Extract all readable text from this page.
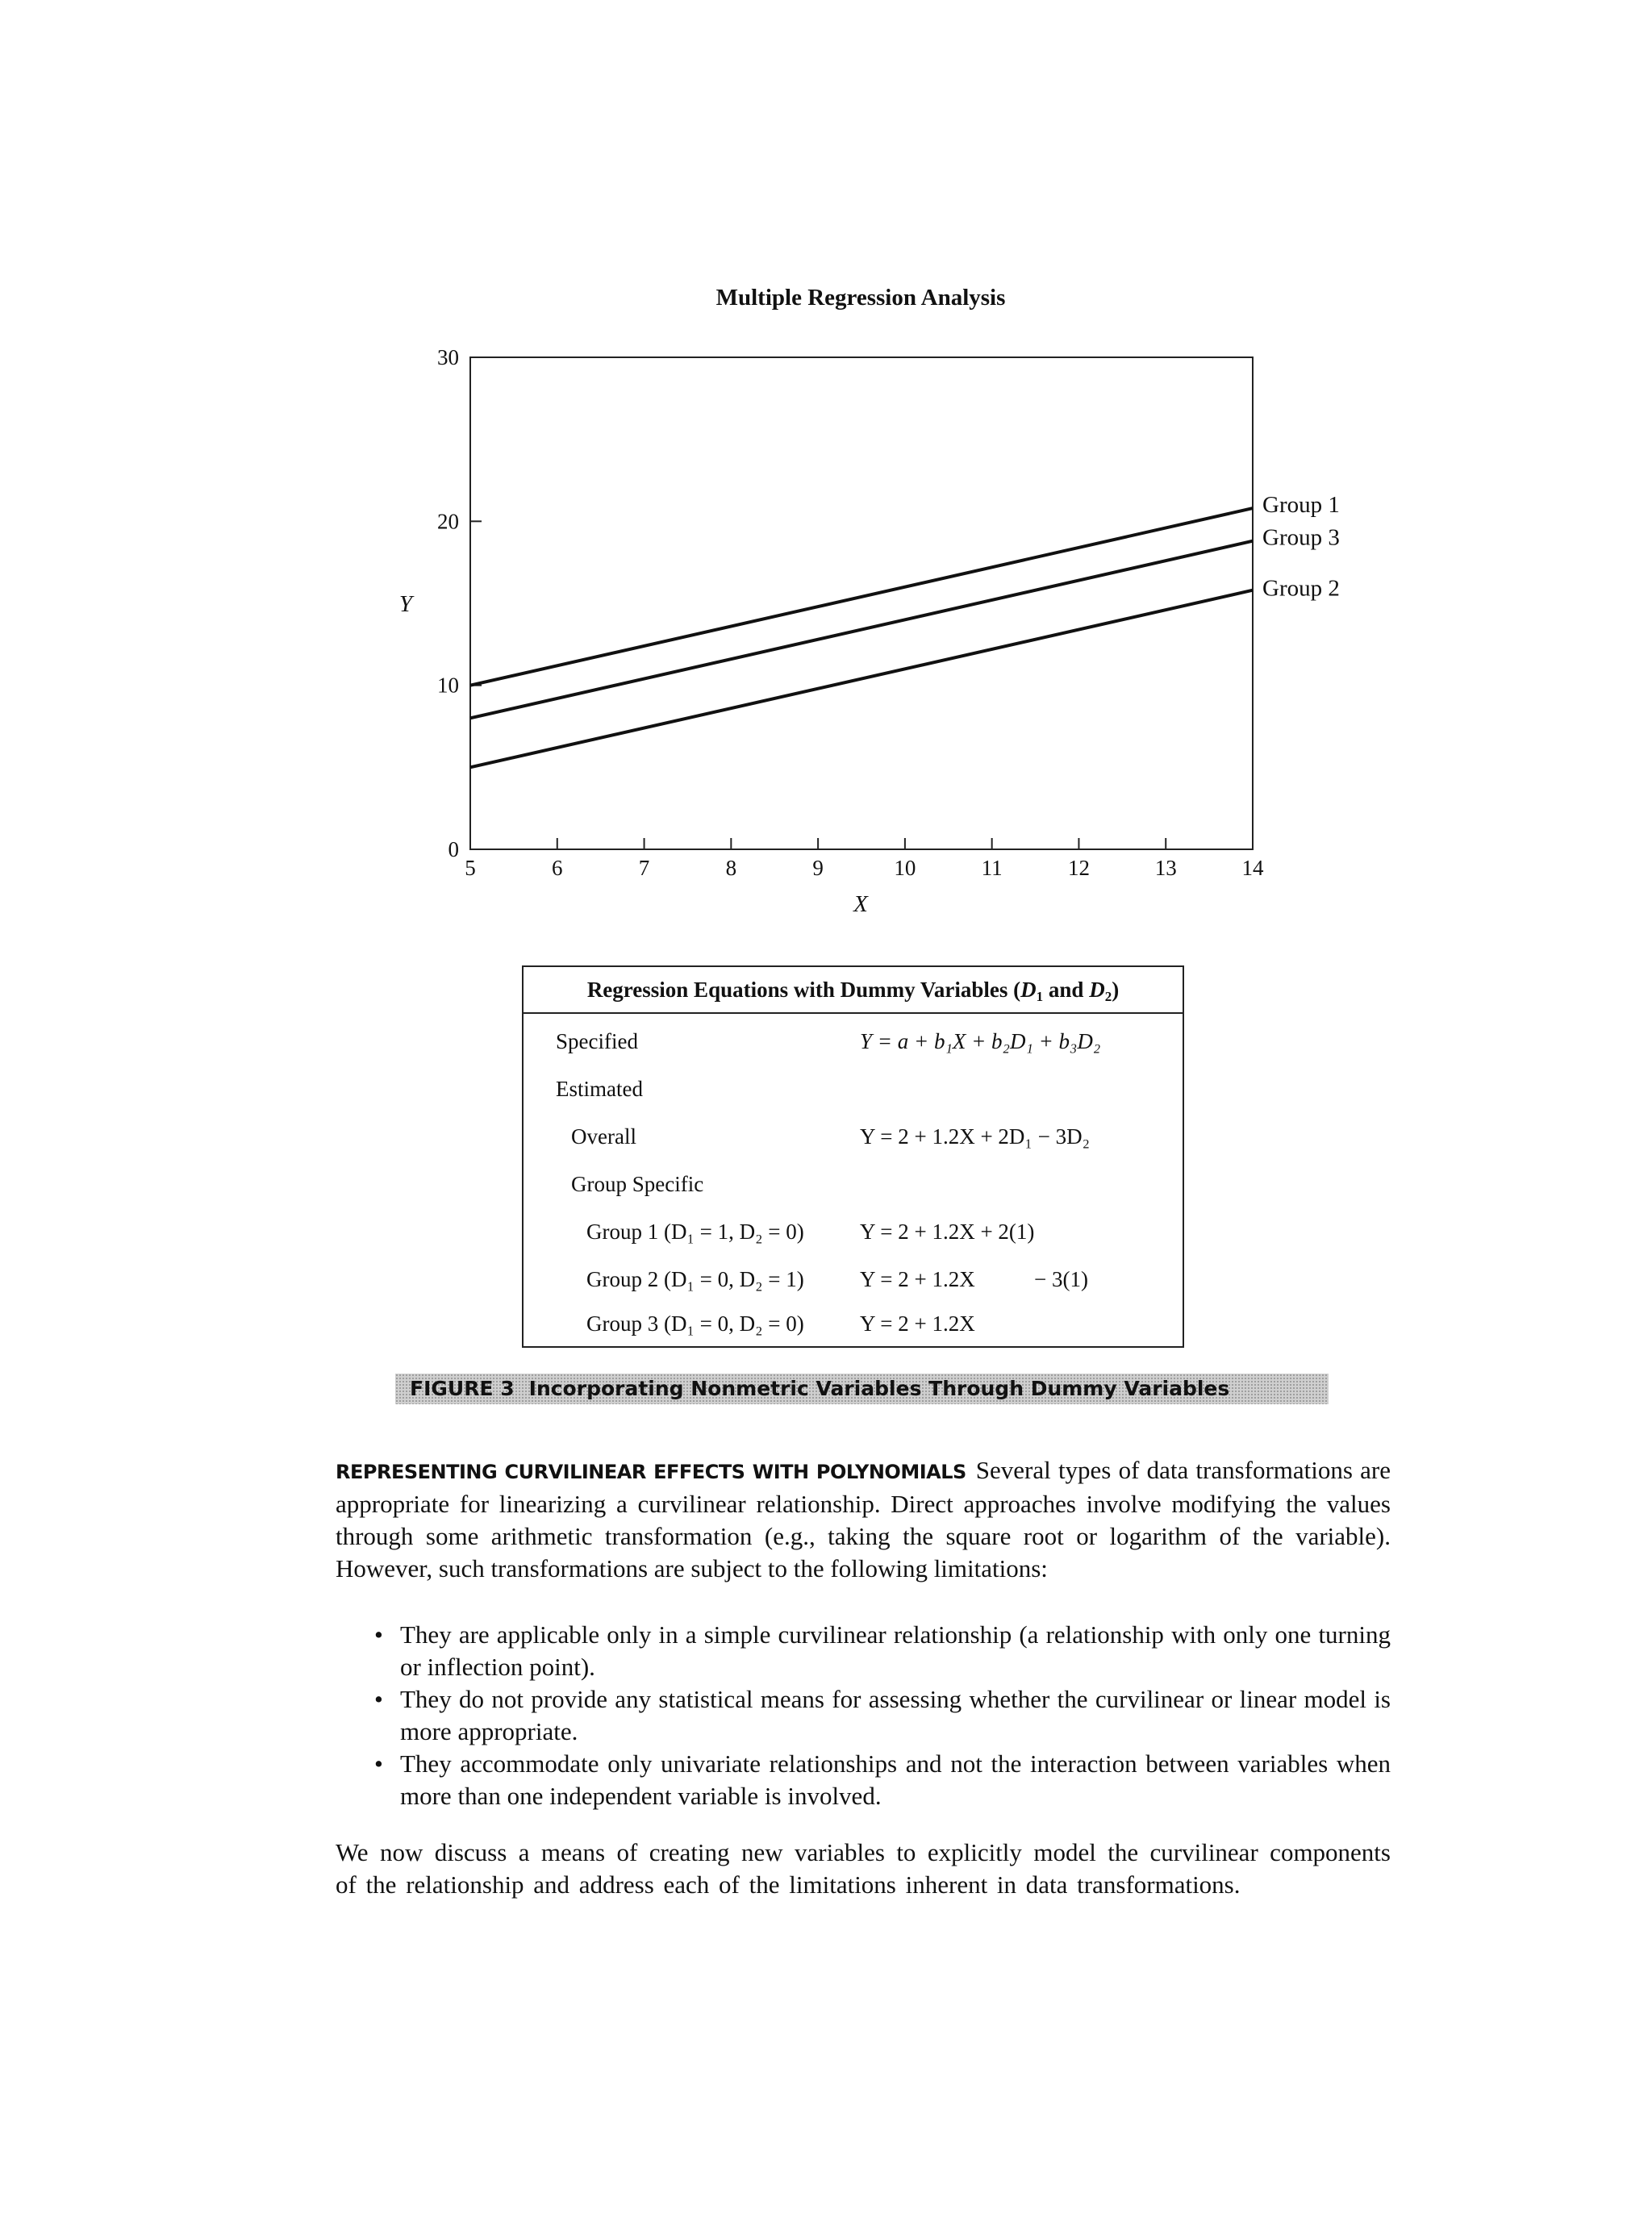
Multiple Regression Analysis
0
10
20
30
5	6	7	8	9	10	11	12	13	14
Group 1
Group 3
Group 2
Y
X
Regression Equations with Dummy Variables ($D_1$ and $D_2$)
Specified	Y = a + b₁X + b₂D₁ + b₃D₂
Estimated
Overall	Y = 2 + 1.2X + 2D₁ − 3D₂
Group Specific
Group 1 (D₁ = 1, D₂ = 0)	Y = 2 + 1.2X + 2(1)
Group 2 (D₁ = 0, D₂ = 1)	Y = 2 + 1.2X	− 3(1)
Group 3 (D₁ = 0, D₂ = 0)	Y = 2 + 1.2X
FIGURE 3 Incorporating Nonmetric Variables Through Dummy Variables

REPRESENTING CURVILINEAR EFFECTS WITH POLYNOMIALS Several types of data transformations are appropriate for linearizing a curvilinear relationship. Direct approaches involve modifying the values through some arithmetic transformation (e.g., taking the square root or logarithm of the variable). However, such transformations are subject to the following limitations:

• They are applicable only in a simple curvilinear relationship (a relationship with only one turning or inflection point).
• They do not provide any statistical means for assessing whether the curvilinear or linear model is more appropriate.
• They accommodate only univariate relationships and not the interaction between variables when more than one independent variable is involved.

We now discuss a means of creating new variables to explicitly model the curvilinear components of the relationship and address each of the limitations inherent in data transformations.
